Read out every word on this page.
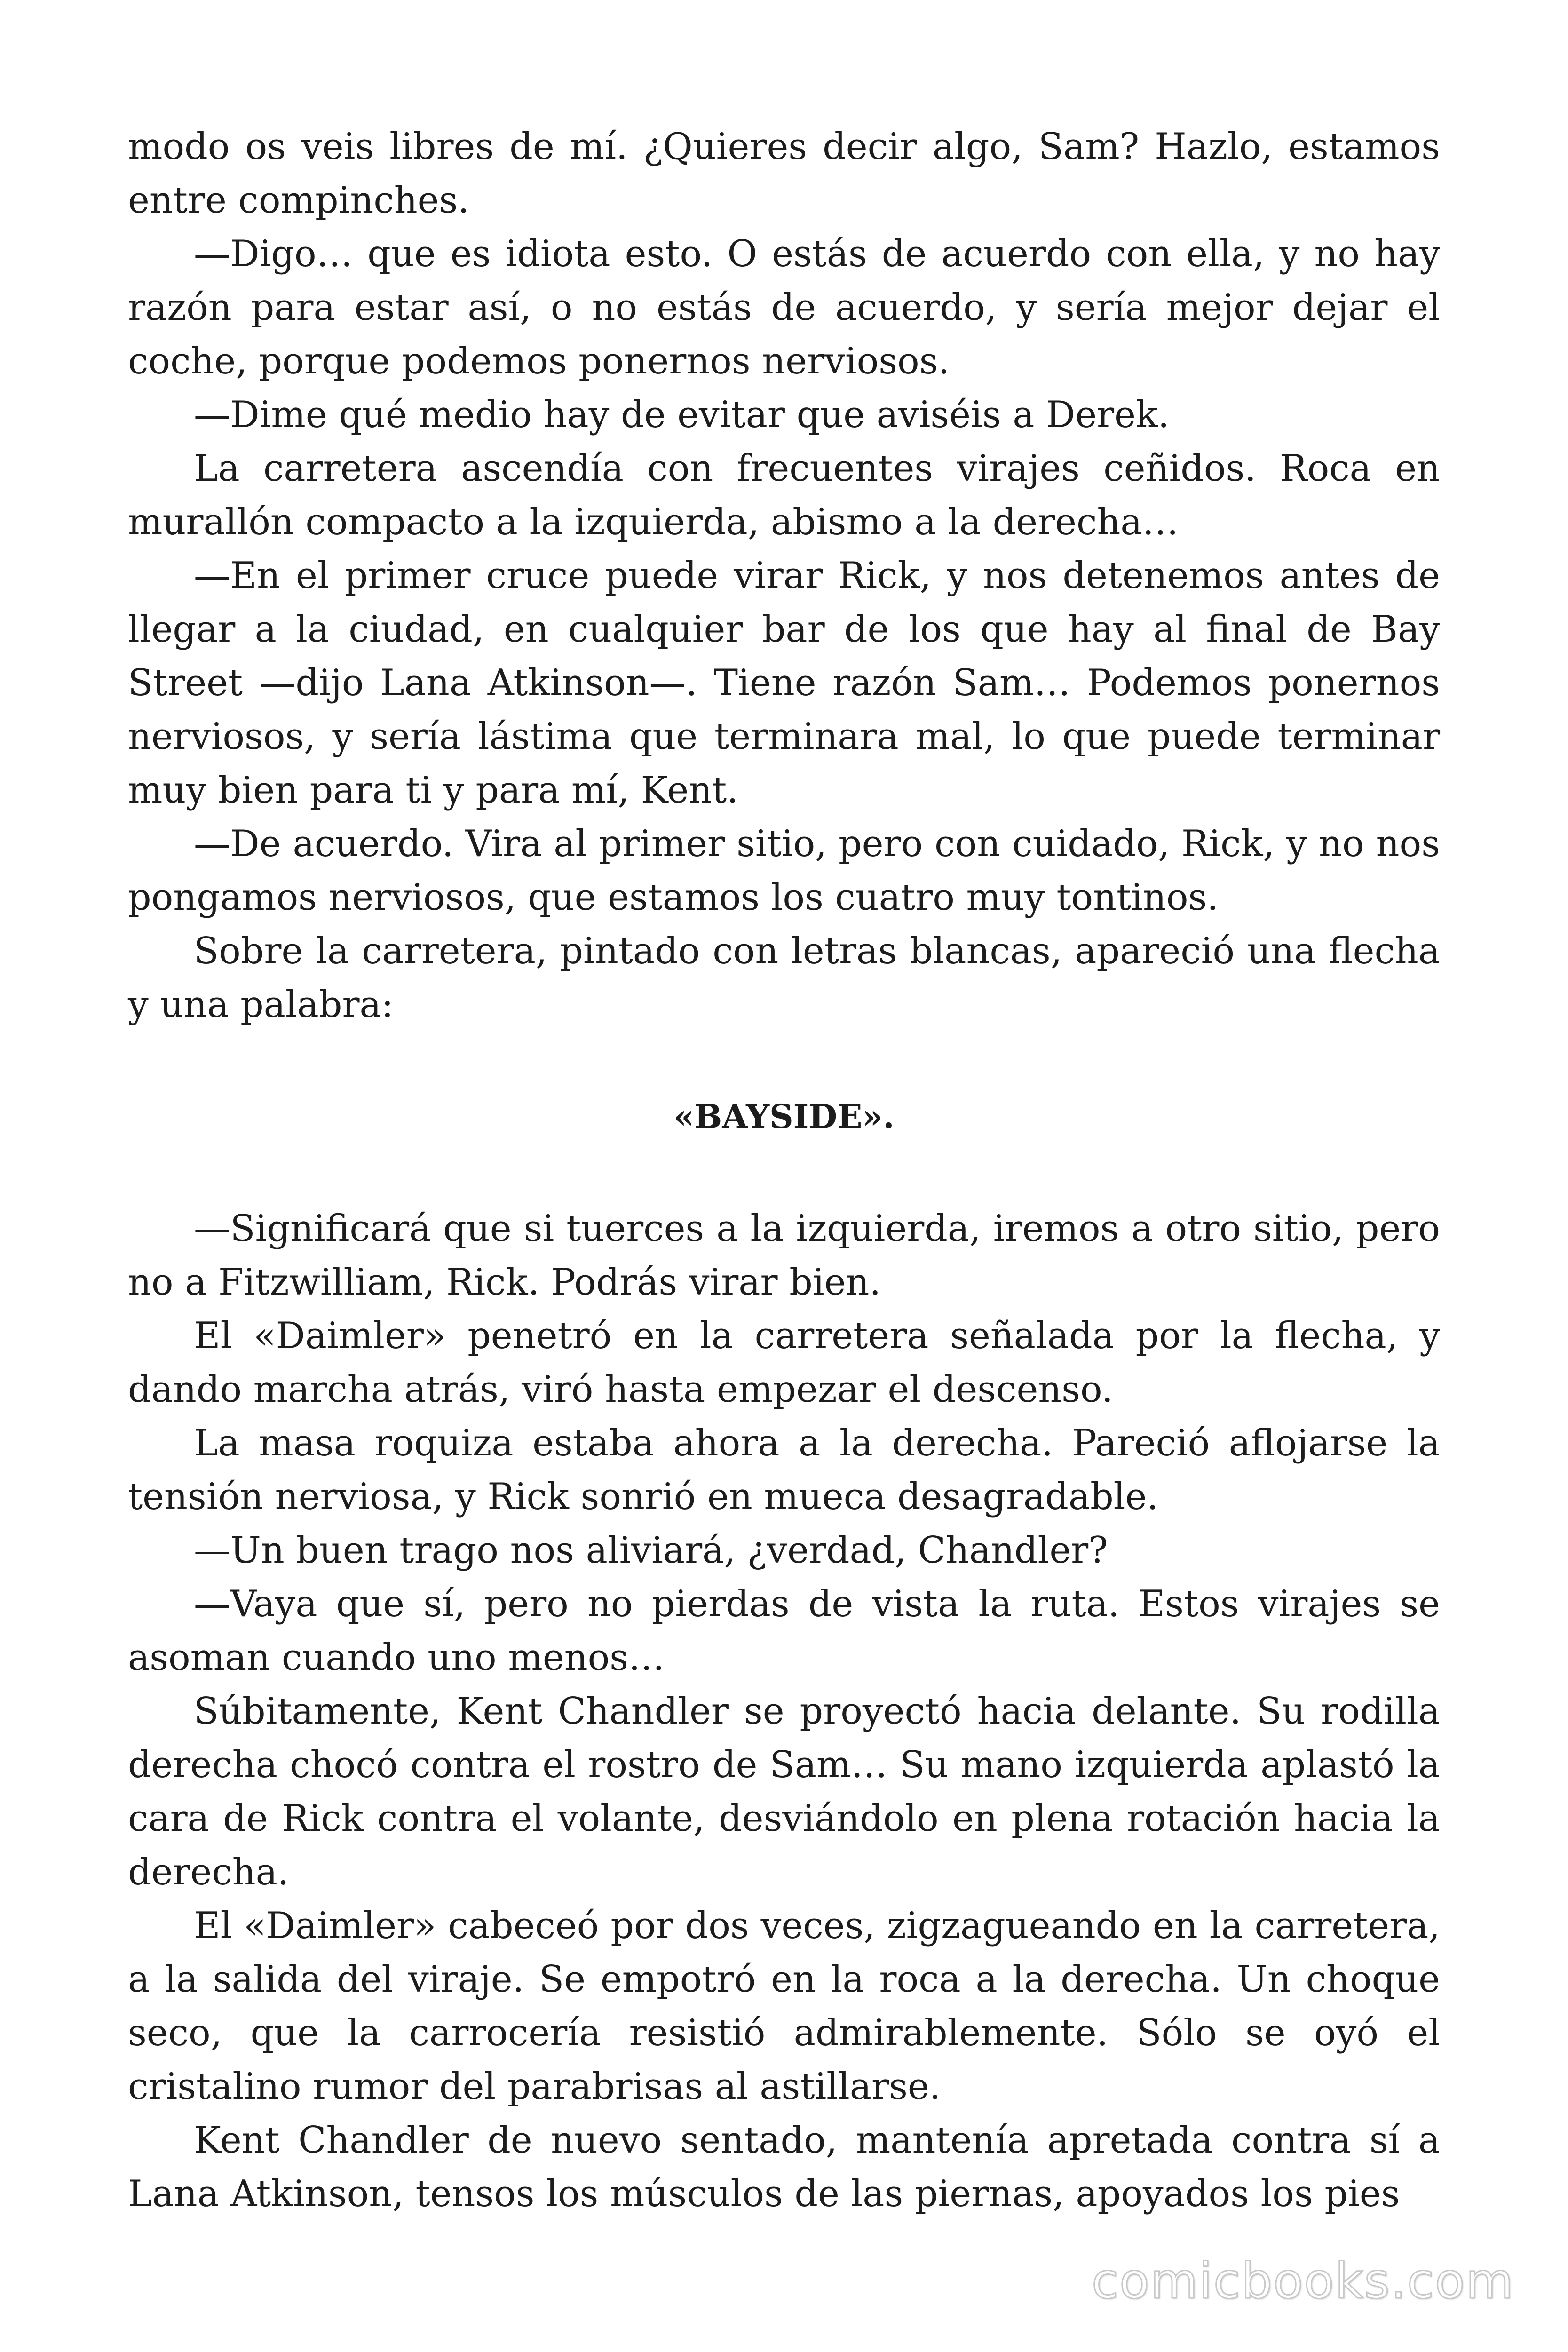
modo os veis libres de mí. ¿Quieres decir algo, Sam? Hazlo, estamos entre compinches.

—Digo… que es idiota esto. O estás de acuerdo con ella, y no hay razón para estar así, o no estás de acuerdo, y sería mejor dejar el coche, porque podemos ponernos nerviosos.

—Dime qué medio hay de evitar que aviséis a Derek.

La carretera ascendía con frecuentes virajes ceñidos. Roca en murallón compacto a la izquierda, abismo a la derecha…

—En el primer cruce puede virar Rick, y nos detenemos antes de llegar a la ciudad, en cualquier bar de los que hay al final de Bay Street —dijo Lana Atkinson—. Tiene razón Sam… Podemos ponernos nerviosos, y sería lástima que terminara mal, lo que puede terminar muy bien para ti y para mí, Kent.

—De acuerdo. Vira al primer sitio, pero con cuidado, Rick, y no nos pongamos nerviosos, que estamos los cuatro muy tontinos.

Sobre la carretera, pintado con letras blancas, apareció una flecha y una palabra:

«BAYSIDE».

—Significará que si tuerces a la izquierda, iremos a otro sitio, pero no a Fitzwilliam, Rick. Podrás virar bien.

El «Daimler» penetró en la carretera señalada por la flecha, y dando marcha atrás, viró hasta empezar el descenso.

La masa roquiza estaba ahora a la derecha. Pareció aflojarse la tensión nerviosa, y Rick sonrió en mueca desagradable.

—Un buen trago nos aliviará, ¿verdad, Chandler?

—Vaya que sí, pero no pierdas de vista la ruta. Estos virajes se asoman cuando uno menos…

Súbitamente, Kent Chandler se proyectó hacia delante. Su rodilla derecha chocó contra el rostro de Sam… Su mano izquierda aplastó la cara de Rick contra el volante, desviándolo en plena rotación hacia la derecha.

El «Daimler» cabeceó por dos veces, zigzagueando en la carretera, a la salida del viraje. Se empotró en la roca a la derecha. Un choque seco, que la carrocería resistió admirablemente. Sólo se oyó el cristalino rumor del parabrisas al astillarse.

Kent Chandler de nuevo sentado, mantenía apretada contra sí a Lana Atkinson, tensos los músculos de las piernas, apoyados los pies

comicbooks.com
